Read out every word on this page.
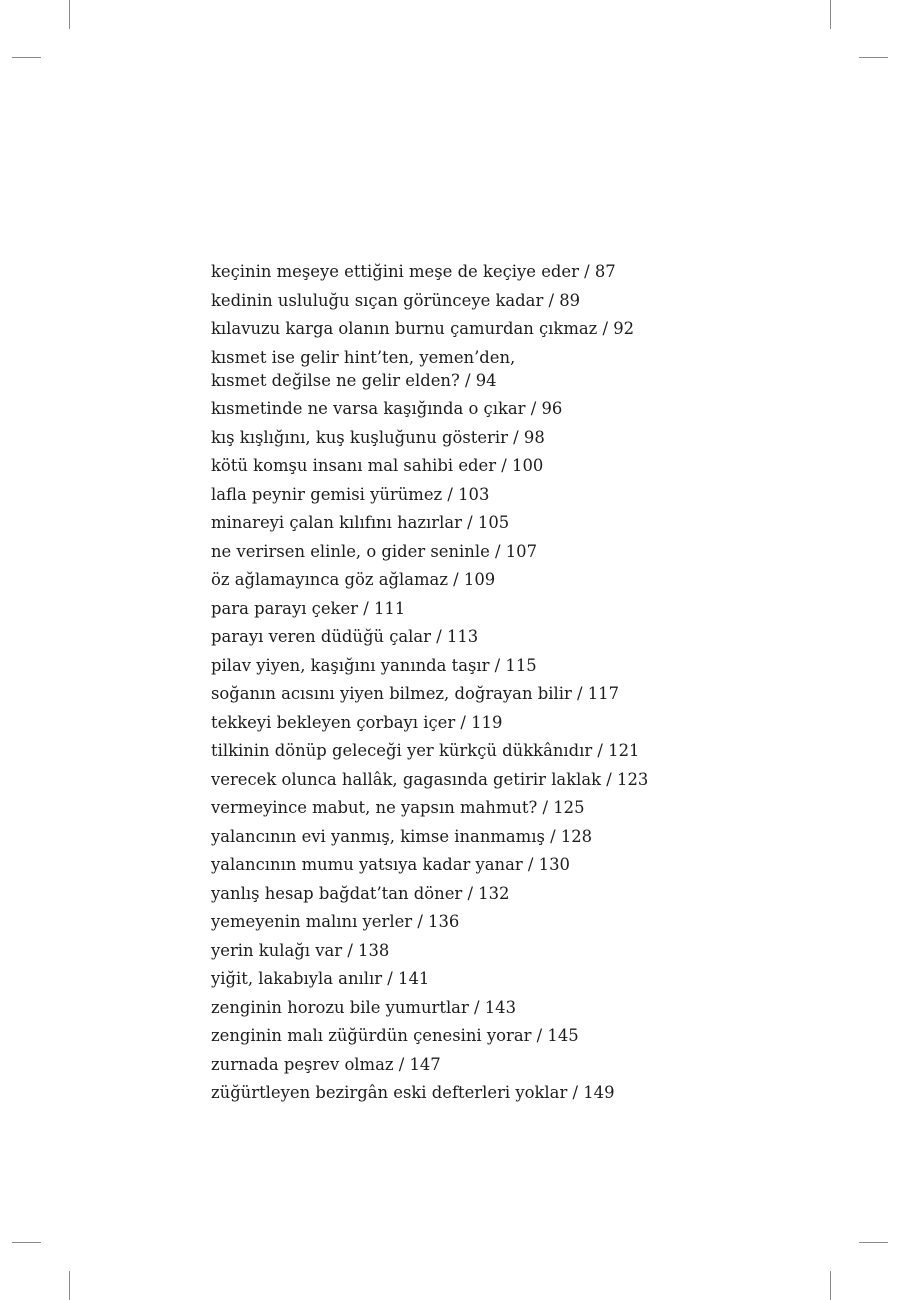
keçinin meşeye ettiğini meşe de keçiye eder / 87
kedinin usluluğu sıçan görünceye kadar / 89
kılavuzu karga olanın burnu çamurdan çıkmaz / 92
kısmet ise gelir hint’ten, yemen’den,
kısmet değilse ne gelir elden? / 94
kısmetinde ne varsa kaşığında o çıkar / 96
kış kışlığını, kuş kuşluğunu gösterir / 98
kötü komşu insanı mal sahibi eder / 100
lafla peynir gemisi yürümez / 103
minareyi çalan kılıfını hazırlar / 105
ne verirsen elinle, o gider seninle / 107
öz ağlamayınca göz ağlamaz / 109
para parayı çeker / 111
parayı veren düdüğü çalar / 113
pilav yiyen, kaşığını yanında taşır / 115
soğanın acısını yiyen bilmez, doğrayan bilir / 117
tekkeyi bekleyen çorbayı içer / 119
tilkinin dönüp geleceği yer kürkçü dükkânıdır / 121
verecek olunca hallâk, gagasında getirir laklak / 123
vermeyince mabut, ne yapsın mahmut? / 125
yalancının evi yanmış, kimse inanmamış / 128
yalancının mumu yatsıya kadar yanar / 130
yanlış hesap bağdat’tan döner / 132
yemeyenin malını yerler / 136
yerin kulağı var / 138
yiğit, lakabıyla anılır / 141
zenginin horozu bile yumurtlar / 143
zenginin malı züğürdün çenesini yorar / 145
zurnada peşrev olmaz / 147
züğürtleyen bezirgân eski defterleri yoklar / 149
